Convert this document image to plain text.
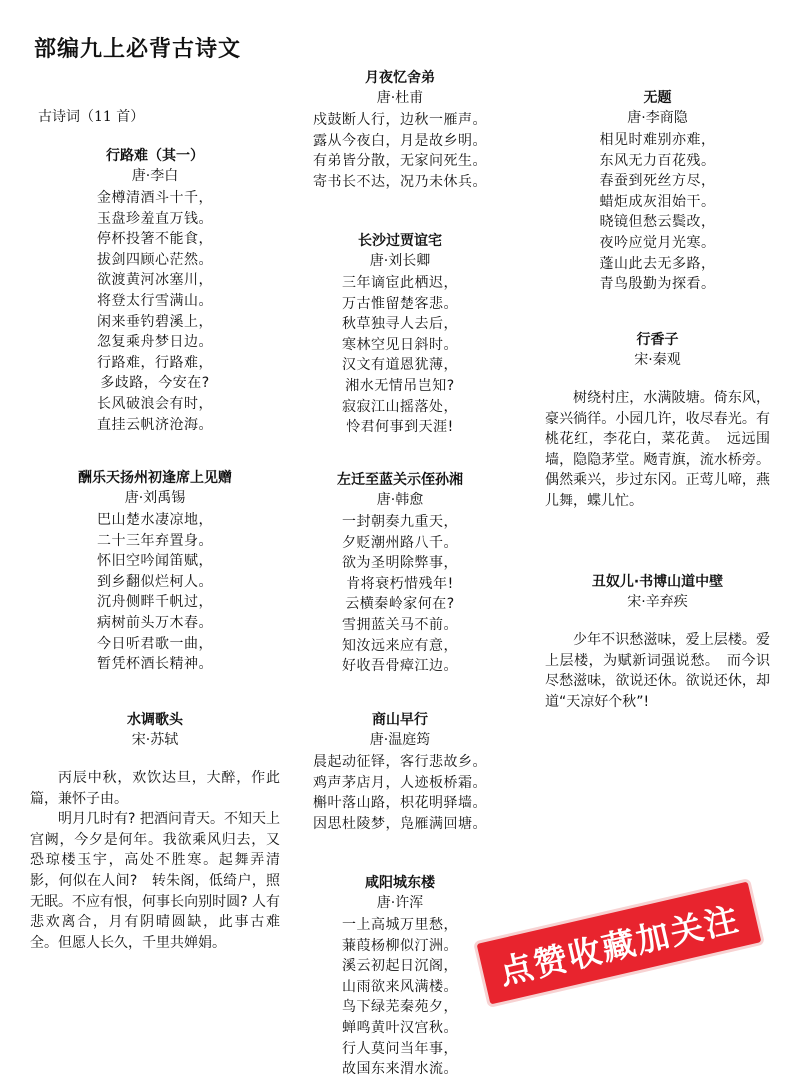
部编九上必背古诗文
古诗词（11 首）
行路难（其一）
唐·李白
金樽清酒斗十千，
玉盘珍羞直万钱。
停杯投箸不能食，
拔剑四顾心茫然。
欲渡黄河冰塞川，
将登太行雪满山。
闲来垂钓碧溪上，
忽复乘舟梦日边。
行路难，行路难，
多歧路，今安在?
长风破浪会有时，
直挂云帆济沧海。
酬乐天扬州初逢席上见赠
唐·刘禹锡
巴山楚水凄凉地，
二十三年弃置身。
怀旧空吟闻笛赋，
到乡翻似烂柯人。
沉舟侧畔千帆过，
病树前头万木春。
今日听君歌一曲，
暂凭杯酒长精神。
水调歌头
宋·苏轼

丙辰中秋，欢饮达旦，大醉，作此篇，兼怀子由。

明月几时有? 把酒问青天。不知天上宫阙，今夕是何年。我欲乘风归去，又恐琼楼玉宇，高处不胜寒。起舞弄清影，何似在人间?　转朱阁，低绮户，照无眠。不应有恨，何事长向别时圆? 人有悲欢离合，月有阴晴圆缺，此事古难全。但愿人长久，千里共婵娟。

月夜忆舍弟
唐·杜甫
戍鼓断人行，边秋一雁声。
露从今夜白，月是故乡明。
有弟皆分散，无家问死生。
寄书长不达，况乃未休兵。
长沙过贾谊宅
唐·刘长卿
三年谪宦此栖迟，
万古惟留楚客悲。
秋草独寻人去后，
寒林空见日斜时。
汉文有道恩犹薄，
湘水无情吊岂知?
寂寂江山摇落处，
怜君何事到天涯!
左迁至蓝关示侄孙湘
唐·韩愈
一封朝奏九重天，
夕贬潮州路八千。
欲为圣明除弊事，
肯将衰朽惜残年!
云横秦岭家何在?
雪拥蓝关马不前。
知汝远来应有意，
好收吾骨瘴江边。
商山早行
唐·温庭筠
晨起动征铎，客行悲故乡。
鸡声茅店月，人迹板桥霜。
槲叶落山路，枳花明驿墙。
因思杜陵梦，凫雁满回塘。
咸阳城东楼
唐·许浑
一上高城万里愁，
蒹葭杨柳似汀洲。
溪云初起日沉阁，
山雨欲来风满楼。
鸟下绿芜秦苑夕，
蝉鸣黄叶汉宫秋。
行人莫问当年事，
故国东来渭水流。
无题
唐·李商隐
相见时难别亦难，
东风无力百花残。
春蚕到死丝方尽，
蜡炬成灰泪始干。
晓镜但愁云鬓改，
夜吟应觉月光寒。
蓬山此去无多路，
青鸟殷勤为探看。
行香子
宋·秦观

树绕村庄，水满陂塘。倚东风，豪兴徜徉。小园几许，收尽春光。有桃花红，李花白，菜花黄。　远远围墙，隐隐茅堂。飏青旗，流水桥旁。偶然乘兴，步过东冈。正莺儿啼，燕儿舞，蝶儿忙。

丑奴儿·书博山道中壁
宋·辛弃疾

少年不识愁滋味，爱上层楼。爱上层楼，为赋新词强说愁。　而今识尽愁滋味，欲说还休。欲说还休，却道“天凉好个秋”!

点赞收藏加关注
